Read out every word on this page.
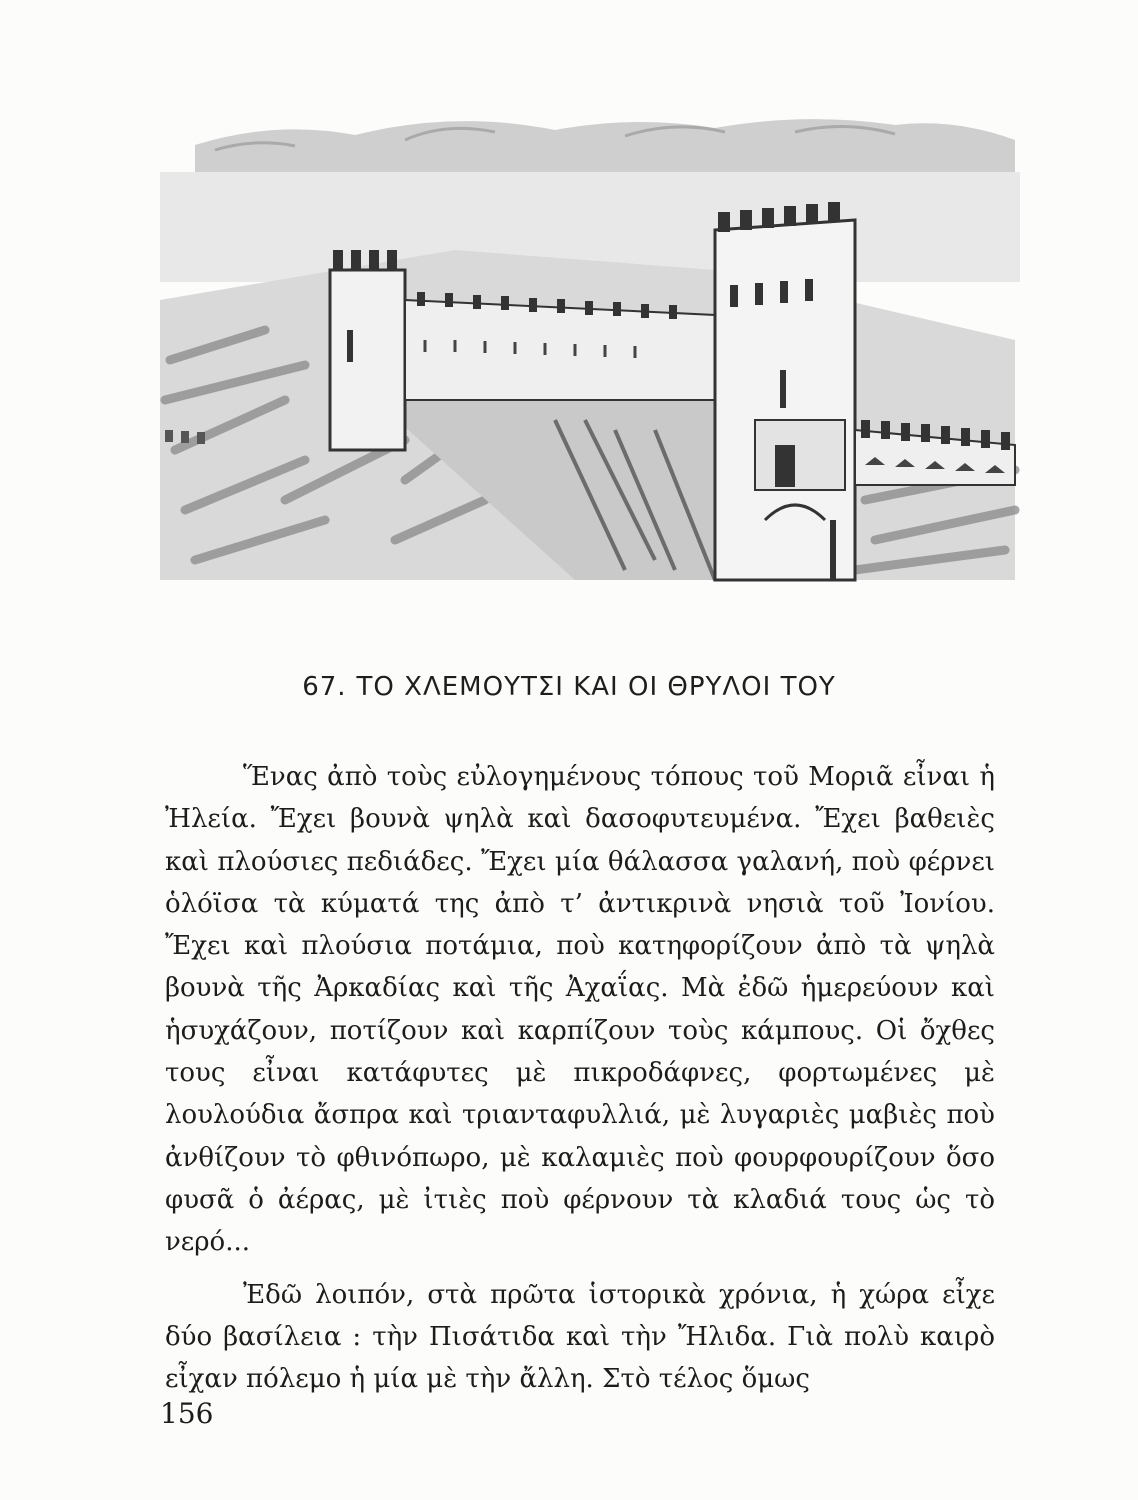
67. ΤΟ ΧΛΕΜΟΥΤΣΙ ΚΑΙ ΟΙ ΘΡΥΛΟΙ ΤΟΥ

Ἕνας ἀπὸ τοὺς εὐλογημένους τόπους τοῦ Μοριᾶ εἶναι ἡ Ἠλεία. Ἔχει βουνὰ ψηλὰ καὶ δασοφυτευμένα. Ἔχει βαθειὲς καὶ πλούσιες πεδιάδες. Ἔχει μία θάλασσα γαλανή, ποὺ φέρνει ὁλόϊσα τὰ κύματά της ἀπὸ τ’ ἀντικρινὰ νησιὰ τοῦ Ἰονίου. Ἔχει καὶ πλούσια ποτάμια, ποὺ κατηφορίζουν ἀπὸ τὰ ψηλὰ βουνὰ τῆς Ἀρκαδίας καὶ τῆς Ἀχαΐας. Μὰ ἐδῶ ἡμερεύουν καὶ ἡσυχάζουν, ποτίζουν καὶ καρπίζουν τοὺς κάμπους. Οἱ ὄχθες τους εἶναι κατάφυτες μὲ πικροδάφνες, φορτωμένες μὲ λουλούδια ἄσπρα καὶ τριανταφυλλιά, μὲ λυγαριὲς μαβιὲς ποὺ ἀνθίζουν τὸ φθινόπωρο, μὲ καλαμιὲς ποὺ φουρφουρίζουν ὅσο φυσᾶ ὁ ἀέρας, μὲ ἰτιὲς ποὺ φέρνουν τὰ κλαδιά τους ὡς τὸ νερό...

Ἐδῶ λοιπόν, στὰ πρῶτα ἱστορικὰ χρόνια, ἡ χώρα εἶχε δύο βασίλεια : τὴν Πισάτιδα καὶ τὴν Ἤλιδα. Γιὰ πολὺ καιρὸ εἶχαν πόλεμο ἡ μία μὲ τὴν ἄλλη. Στὸ τέλος ὅμως

156
